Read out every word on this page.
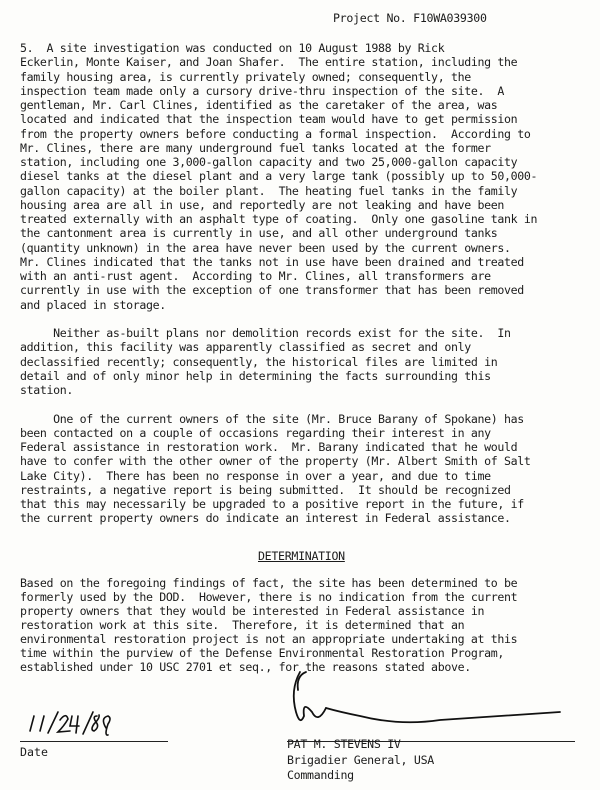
Project No. F10WA039300
5.  A site investigation was conducted on 10 August 1988 by Rick
Eckerlin, Monte Kaiser, and Joan Shafer.  The entire station, including the
family housing area, is currently privately owned; consequently, the
inspection team made only a cursory drive-thru inspection of the site.  A
gentleman, Mr. Carl Clines, identified as the caretaker of the area, was
located and indicated that the inspection team would have to get permission
from the property owners before conducting a formal inspection.  According to
Mr. Clines, there are many underground fuel tanks located at the former
station, including one 3,000-gallon capacity and two 25,000-gallon capacity
diesel tanks at the diesel plant and a very large tank (possibly up to 50,000-
gallon capacity) at the boiler plant.  The heating fuel tanks in the family
housing area are all in use, and reportedly are not leaking and have been
treated externally with an asphalt type of coating.  Only one gasoline tank in
the cantonment area is currently in use, and all other underground tanks
(quantity unknown) in the area have never been used by the current owners.
Mr. Clines indicated that the tanks not in use have been drained and treated
with an anti-rust agent.  According to Mr. Clines, all transformers are
currently in use with the exception of one transformer that has been removed
and placed in storage.
Neither as-built plans nor demolition records exist for the site.  In
addition, this facility was apparently classified as secret and only
declassified recently; consequently, the historical files are limited in
detail and of only minor help in determining the facts surrounding this
station.
One of the current owners of the site (Mr. Bruce Barany of Spokane) has
been contacted on a couple of occasions regarding their interest in any
Federal assistance in restoration work.  Mr. Barany indicated that he would
have to confer with the other owner of the property (Mr. Albert Smith of Salt
Lake City).  There has been no response in over a year, and due to time
restraints, a negative report is being submitted.  It should be recognized
that this may necessarily be upgraded to a positive report in the future, if
the current property owners do indicate an interest in Federal assistance.
DETERMINATION
Based on the foregoing findings of fact, the site has been determined to be
formerly used by the DOD.  However, there is no indication from the current
property owners that they would be interested in Federal assistance in
restoration work at this site.  Therefore, it is determined that an
environmental restoration project is not an appropriate undertaking at this
time within the purview of the Defense Environmental Restoration Program,
established under 10 USC 2701 et seq., for the reasons stated above.
Date
PAT M. STEVENS IV
Brigadier General, USA
Commanding
